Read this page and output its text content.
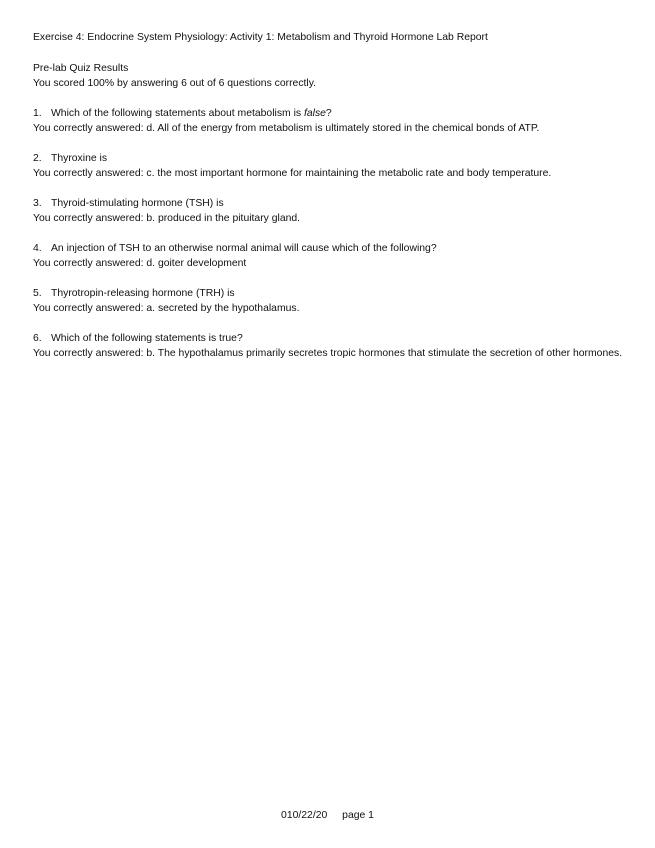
Exercise 4: Endocrine System Physiology: Activity 1: Metabolism and Thyroid Hormone Lab Report
Pre-lab Quiz Results
You scored 100% by answering 6 out of 6 questions correctly.
1. Which of the following statements about metabolism is false?
You correctly answered: d. All of the energy from metabolism is ultimately stored in the chemical bonds of ATP.
2. Thyroxine is
You correctly answered: c. the most important hormone for maintaining the metabolic rate and body temperature.
3. Thyroid-stimulating hormone (TSH) is
You correctly answered: b. produced in the pituitary gland.
4. An injection of TSH to an otherwise normal animal will cause which of the following?
You correctly answered: d. goiter development
5. Thyrotropin-releasing hormone (TRH) is
You correctly answered: a. secreted by the hypothalamus.
6. Which of the following statements is true?
You correctly answered: b. The hypothalamus primarily secretes tropic hormones that stimulate the secretion of other hormones.
010/22/20 page 1
